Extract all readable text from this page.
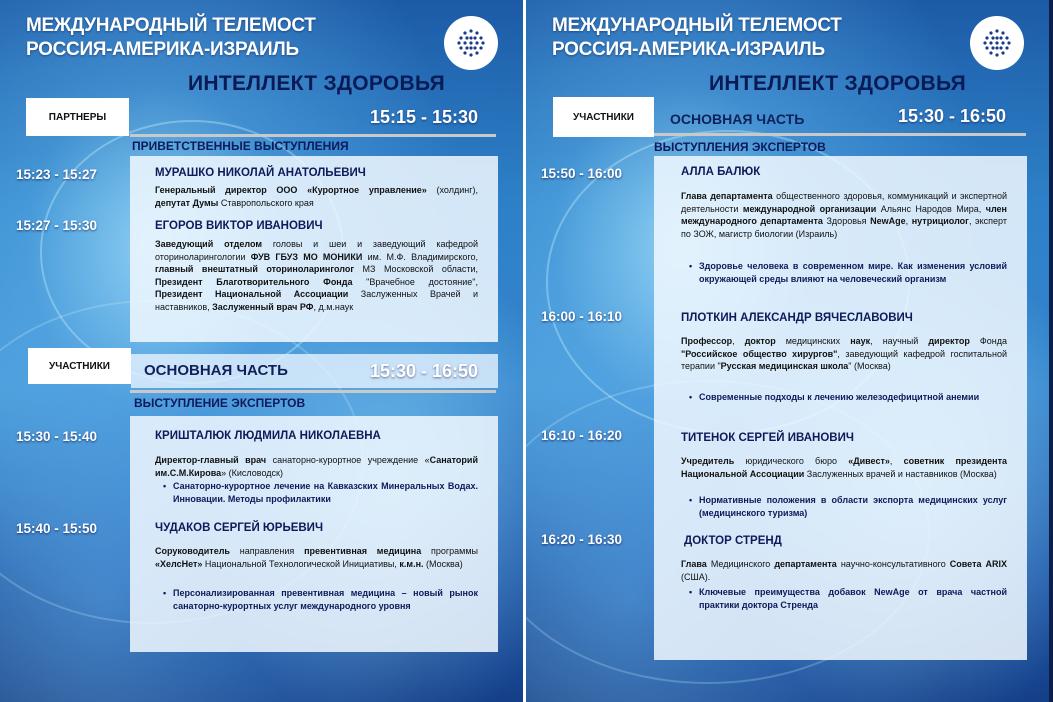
МЕЖДУНАРОДНЫЙ ТЕЛЕМОСТ
РОССИЯ-АМЕРИКА-ИЗРАИЛЬ
ИНТЕЛЛЕКТ ЗДОРОВЬЯ
ПАРТНЕРЫ	15:15 - 15:30
ПРИВЕТСТВЕННЫЕ ВЫСТУПЛЕНИЯ
15:23 - 15:27	МУРАШКО НИКОЛАЙ АНАТОЛЬЕВИЧ
Генеральный директор ООО «Курортное управление» (холдинг), депутат Думы Ставропольского края
15:27 - 15:30	ЕГОРОВ ВИКТОР ИВАНОВИЧ
Заведующий отделом головы и шеи и заведующий кафедрой оториноларингологии ФУВ ГБУЗ МО МОНИКИ им. М.Ф. Владимирского, главный внештатный оториноларинголог МЗ Московской области, Президент Благотворительного Фонда "Врачебное достояние", Президент Национальной Ассоциации Заслуженных Врачей и наставников, Заслуженный врач РФ, д.м.наук
УЧАСТНИКИ	ОСНОВНАЯ ЧАСТЬ	15:30 - 16:50
ВЫСТУПЛЕНИЕ ЭКСПЕРТОВ
15:30 - 15:40	КРИШТАЛЮК ЛЮДМИЛА НИКОЛАЕВНА
Директор-главный врач санаторно-курортное учреждение «Санаторий им.С.М.Кирова» (Кисловодск)
• Санаторно-курортное лечение на Кавказских Минеральных Водах. Инновации. Методы профилактики
15:40 - 15:50	ЧУДАКОВ СЕРГЕЙ ЮРЬЕВИЧ
Соруководитель направления превентивная медицина программы «ХелсНет» Национальной Технологической Инициативы, к.м.н. (Москва)
• Персонализированная превентивная медицина – новый рынок санаторно-курортных услуг международного уровня
МЕЖДУНАРОДНЫЙ ТЕЛЕМОСТ
РОССИЯ-АМЕРИКА-ИЗРАИЛЬ
ИНТЕЛЛЕКТ ЗДОРОВЬЯ
УЧАСТНИКИ	ОСНОВНАЯ ЧАСТЬ	15:30 - 16:50
ВЫСТУПЛЕНИЯ ЭКСПЕРТОВ
15:50 - 16:00	АЛЛА БАЛЮК
Глава департамента общественного здоровья, коммуникаций и экспертной деятельности международной организации Альянс Народов Мира, член международного департамента Здоровья NewAge, нутрициолог, эксперт по ЗОЖ, магистр биологии (Израиль)
• Здоровье человека в современном мире. Как изменения условий окружающей среды влияют на человеческий организм
16:00 - 16:10	ПЛОТКИН АЛЕКСАНДР ВЯЧЕСЛАВОВИЧ
Профессор, доктор медицинских наук, научный директор Фонда "Российское общество хирургов", заведующий кафедрой госпитальной терапии "Русская медицинская школа" (Москва)
• Современные подходы к лечению железодефицитной анемии
16:10 - 16:20	ТИТЕНОК СЕРГЕЙ ИВАНОВИЧ
Учредитель юридического бюро «Дивест», советник президента Национальной Ассоциации Заслуженных врачей и наставников (Москва)
• Нормативные положения в области экспорта медицинских услуг (медицинского туризма)
16:20 - 16:30	ДОКТОР СТРЕНД
Глава Медицинского департамента научно-консультативного Совета ARIX (США).
• Ключевые преимущества добавок NewAge от врача частной практики доктора Стренда
